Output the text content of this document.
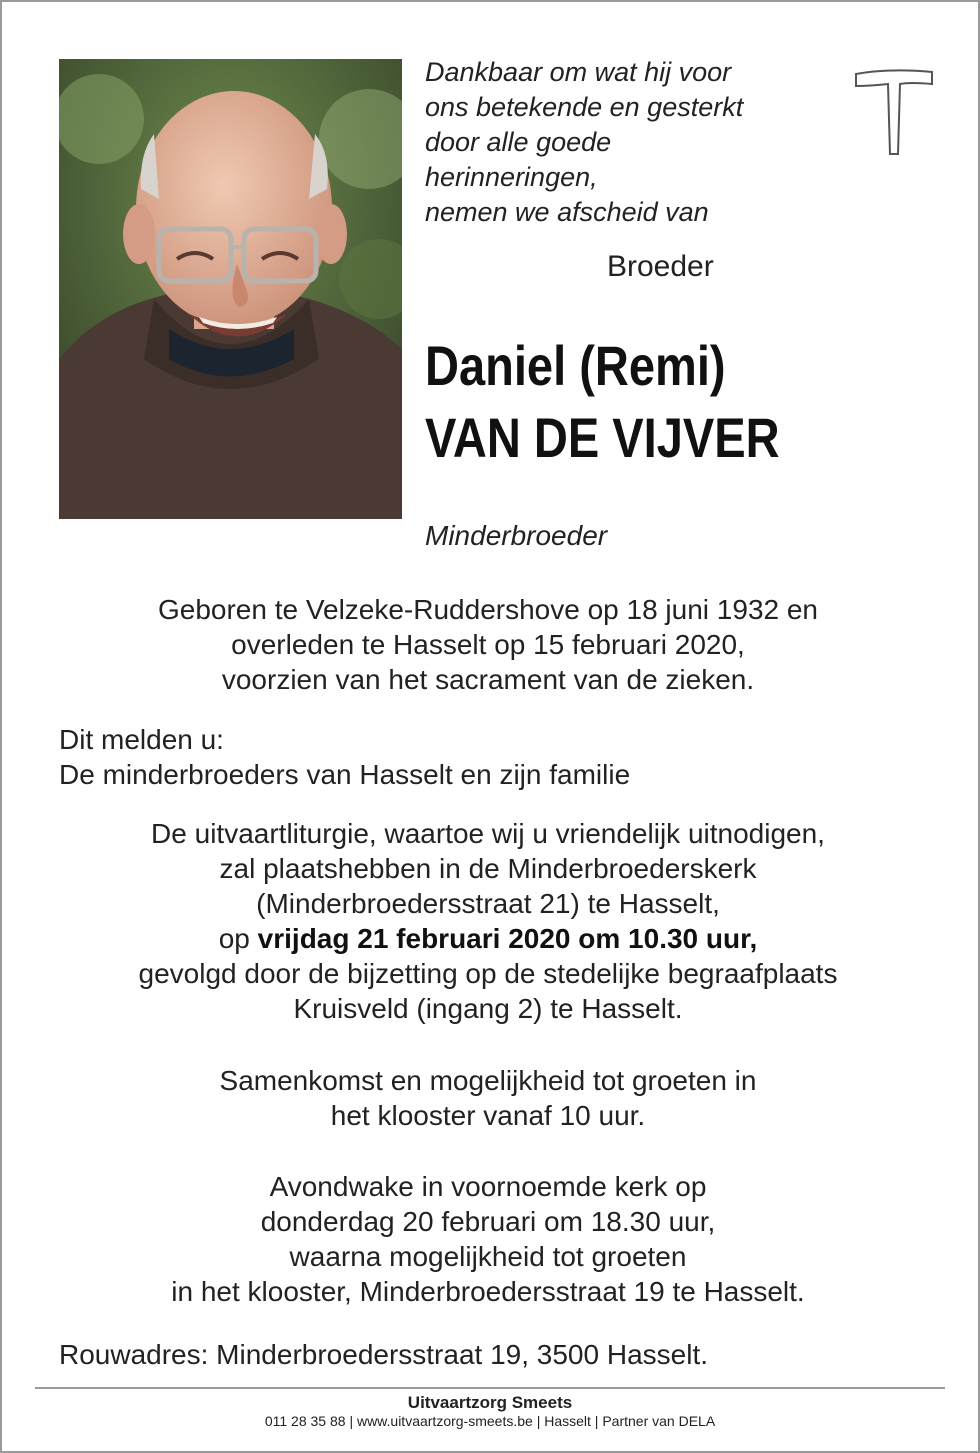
Dankbaar om wat hij voor
ons betekende en gesterkt
door alle goede
herinneringen,
nemen we afscheid van
Broeder
Daniel (Remi)
VAN DE VIJVER
Minderbroeder
Geboren te Velzeke-Ruddershove op 18 juni 1932 en
overleden te Hasselt op 15 februari 2020,
voorzien van het sacrament van de zieken.
Dit melden u:
De minderbroeders van Hasselt en zijn familie
De uitvaartliturgie, waartoe wij u vriendelijk uitnodigen,
zal plaatshebben in de Minderbroederskerk
(Minderbroedersstraat 21) te Hasselt,
op vrijdag 21 februari 2020 om 10.30 uur,
gevolgd door de bijzetting op de stedelijke begraafplaats
Kruisveld (ingang 2) te Hasselt.
Samenkomst en mogelijkheid tot groeten in
het klooster vanaf 10 uur.
Avondwake in voornoemde kerk op
donderdag 20 februari om 18.30 uur,
waarna mogelijkheid tot groeten
in het klooster, Minderbroedersstraat 19 te Hasselt.
Rouwadres: Minderbroedersstraat 19, 3500 Hasselt.
Uitvaartzorg Smeets
011 28 35 88 | www.uitvaartzorg-smeets.be | Hasselt | Partner van DELA
